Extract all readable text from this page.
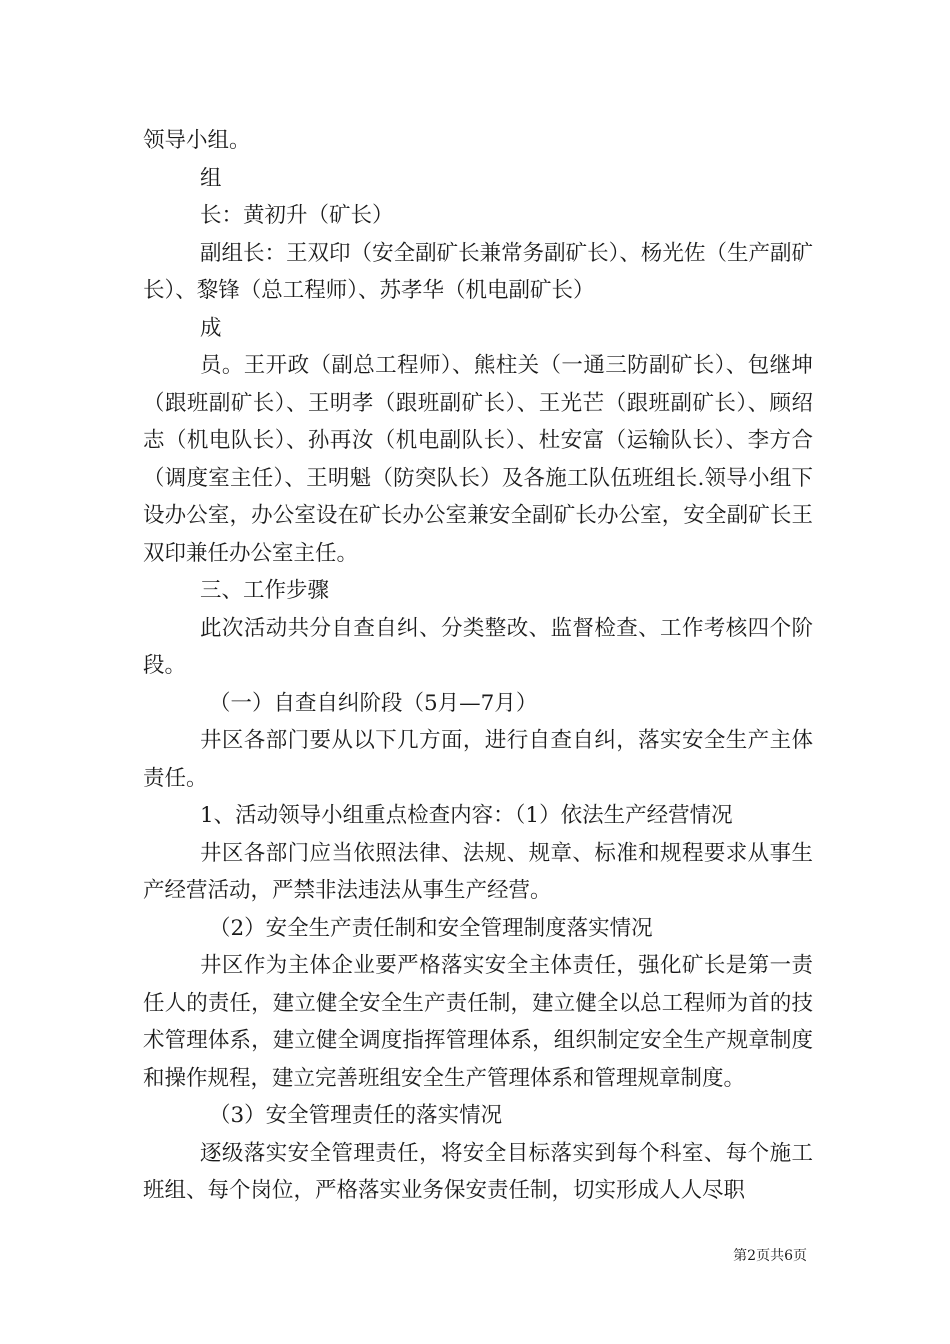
领导小组。

组

长：黄初升（矿长）

副组长：王双印（安全副矿长兼常务副矿长）、杨光佐（生产副矿长）、黎锋（总工程师）、苏孝华（机电副矿长）

成

员。王开政（副总工程师）、熊柱关（一通三防副矿长）、包继坤（跟班副矿长）、王明孝（跟班副矿长）、王光芒（跟班副矿长）、顾绍志（机电队长）、孙再汝（机电副队长）、杜安富（运输队长）、李方合（调度室主任）、王明魁（防突队长）及各施工队伍班组长.领导小组下设办公室，办公室设在矿长办公室兼安全副矿长办公室，安全副矿长王双印兼任办公室主任。

三、工作步骤

此次活动共分自查自纠、分类整改、监督检查、工作考核四个阶段。

（一）自查自纠阶段（5月—7月）

井区各部门要从以下几方面，进行自查自纠，落实安全生产主体责任。

1、活动领导小组重点检查内容：（1）依法生产经营情况

井区各部门应当依照法律、法规、规章、标准和规程要求从事生产经营活动，严禁非法违法从事生产经营。

（2）安全生产责任制和安全管理制度落实情况

井区作为主体企业要严格落实安全主体责任，强化矿长是第一责任人的责任，建立健全安全生产责任制，建立健全以总工程师为首的技术管理体系，建立健全调度指挥管理体系，组织制定安全生产规章制度和操作规程，建立完善班组安全生产管理体系和管理规章制度。

（3）安全管理责任的落实情况

逐级落实安全管理责任，将安全目标落实到每个科室、每个施工班组、每个岗位，严格落实业务保安责任制，切实形成人人尽职

第2页共6页
